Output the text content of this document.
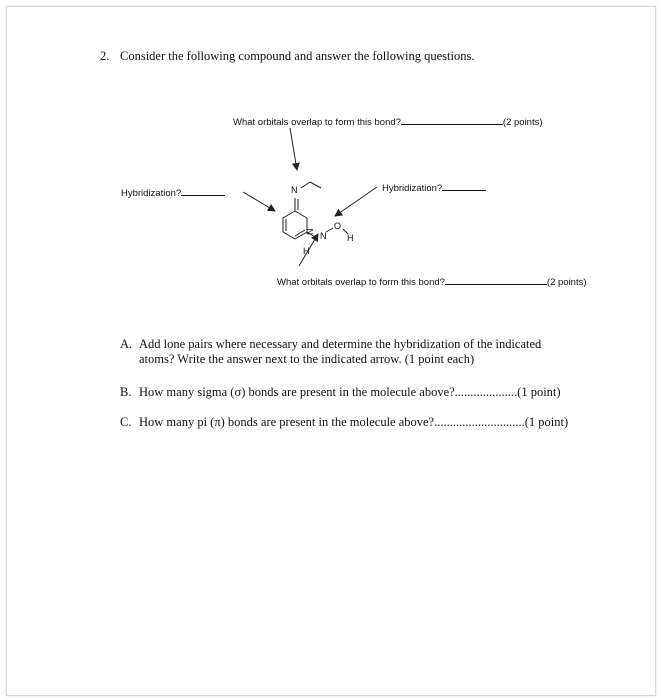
2. Consider the following compound and answer the following questions.
What orbitals overlap to form this bond?	(2 points)
Hybridization?	Hybridization?
What orbitals overlap to form this bond?	(2 points)
N
N
O
H
N
H
A. Add lone pairs where necessary and determine the hybridization of the indicated
atoms? Write the answer next to the indicated arrow. (1 point each)
B. How many sigma (σ) bonds are present in the molecule above?....................(1 point)
C. How many pi (π) bonds are present in the molecule above?.............................(1 point)
